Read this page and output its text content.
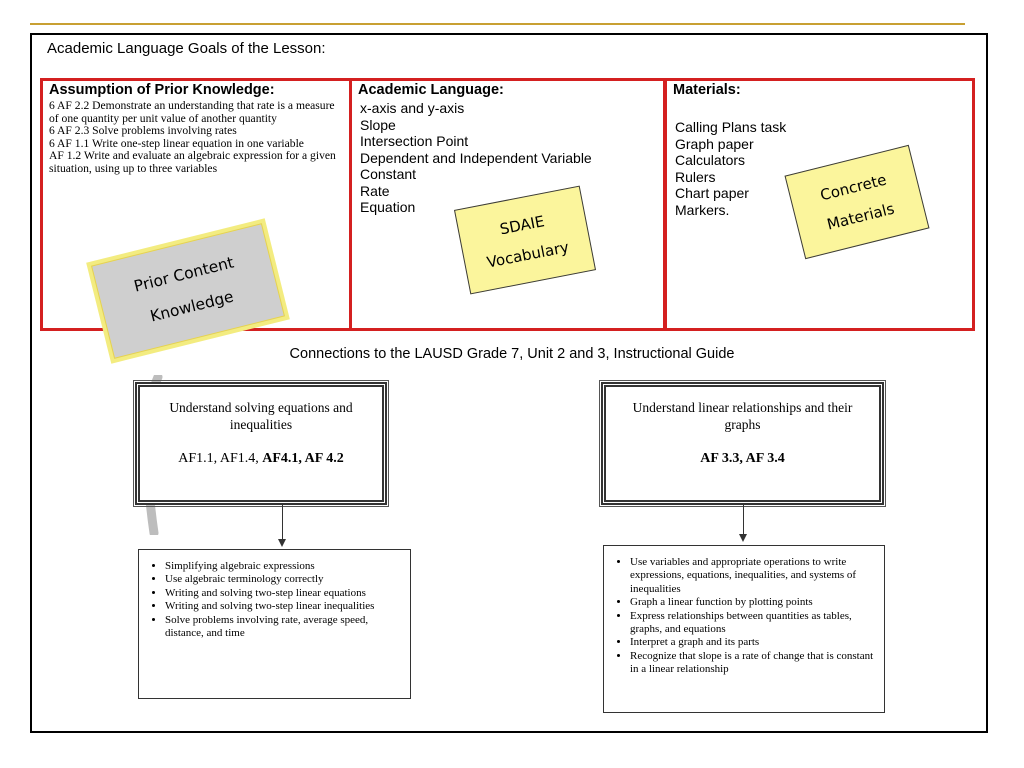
Academic Language Goals of the Lesson:
Assumption of Prior Knowledge:
6 AF 2.2 Demonstrate an understanding that rate is a measure of one quantity per unit value of another quantity
6 AF 2.3 Solve problems involving rates
6 AF 1.1 Write one-step linear equation in one variable
AF 1.2 Write and evaluate an algebraic expression for a given situation, using up to three variables
Academic Language:
x-axis and y-axis
Slope
Intersection Point
Dependent and Independent Variable
Constant
Rate
Equation
Materials:
Calling Plans task
Graph paper
Calculators
Rulers
Chart paper
Markers.
Prior Content
Knowledge
SDAIE
Vocabulary
Concrete
Materials
Connections to the LAUSD Grade 7, Unit 2 and 3, Instructional Guide
Understand solving equations and inequalities
AF1.1, AF1.4, AF4.1, AF 4.2
Understand linear relationships and their graphs
AF 3.3, AF 3.4
• Simplifying algebraic expressions
• Use algebraic terminology correctly
• Writing and solving two-step linear equations
• Writing and solving two-step linear inequalities
• Solve problems involving rate, average speed, distance, and time
• Use variables and appropriate operations to write expressions, equations, inequalities, and systems of inequalities
• Graph a linear function by plotting points
• Express relationships between quantities as tables, graphs, and equations
• Interpret a graph and its parts
• Recognize that slope is a rate of change that is constant in a linear relationship
